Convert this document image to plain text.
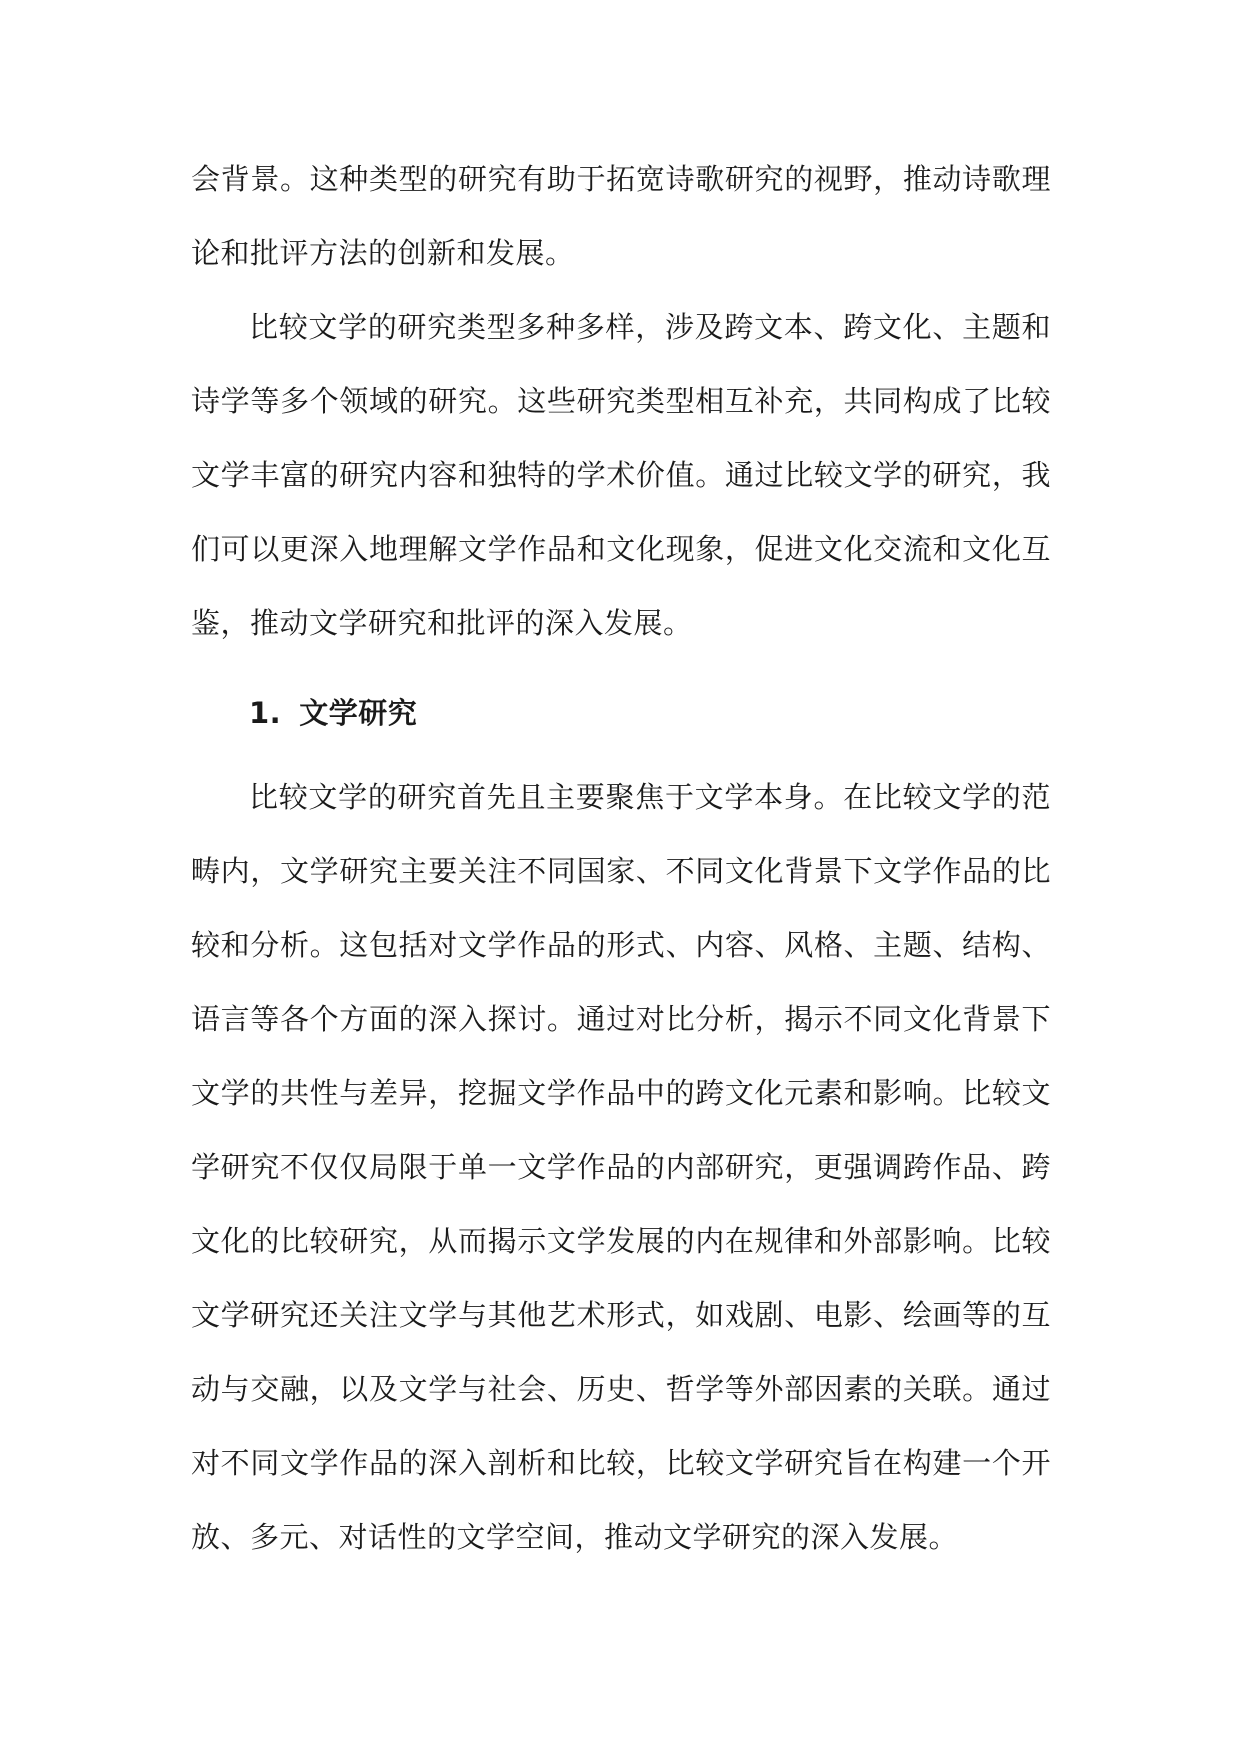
会背景。这种类型的研究有助于拓宽诗歌研究的视野，推动诗歌理论和批评方法的创新和发展。

比较文学的研究类型多种多样，涉及跨文本、跨文化、主题和诗学等多个领域的研究。这些研究类型相互补充，共同构成了比较文学丰富的研究内容和独特的学术价值。通过比较文学的研究，我们可以更深入地理解文学作品和文化现象，促进文化交流和文化互鉴，推动文学研究和批评的深入发展。

1. 文学研究

比较文学的研究首先且主要聚焦于文学本身。在比较文学的范畴内，文学研究主要关注不同国家、不同文化背景下文学作品的比较和分析。这包括对文学作品的形式、内容、风格、主题、结构、语言等各个方面的深入探讨。通过对比分析，揭示不同文化背景下文学的共性与差异，挖掘文学作品中的跨文化元素和影响。比较文学研究不仅仅局限于单一文学作品的内部研究，更强调跨作品、跨文化的比较研究，从而揭示文学发展的内在规律和外部影响。比较文学研究还关注文学与其他艺术形式，如戏剧、电影、绘画等的互动与交融，以及文学与社会、历史、哲学等外部因素的关联。通过对不同文学作品的深入剖析和比较，比较文学研究旨在构建一个开放、多元、对话性的文学空间，推动文学研究的深入发展。
